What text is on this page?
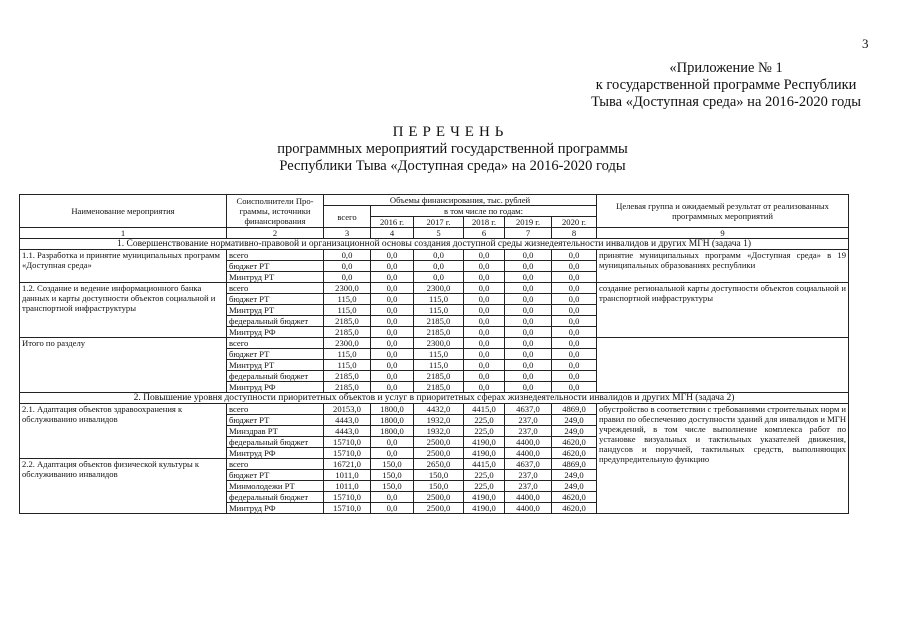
3
«Приложение № 1
к государственной программе Республики
Тыва «Доступная среда» на 2016-2020 годы
ПЕРЕЧЕНЬ
программных мероприятий государственной программы
Республики Тыва «Доступная среда» на 2016-2020 годы
Наименование мероприятия	Соисполнители Про-граммы, источники финансирования	Объемы финансирования, тыс. рублей						Целевая группа и ожидаемый результат от реализованных программных мероприятий
		всего	в том числе по годам:					
			2016 г.	2017 г.	2018 г.	2019 г.	2020 г.	
1	2	3	4	5	6	7	8	9
1. Совершенствование нормативно-правовой и организационной основы создания доступной среды жизнедеятельности инвалидов и других МГН (задача 1)								
1.1. Разработка и принятие муниципальных программ «Доступная среда»	всего	0,0	0,0	0,0	0,0	0,0	0,0	принятие муниципальных программ «Доступная среда» в 19 муниципальных образованиях республики
	бюджет РТ	0,0	0,0	0,0	0,0	0,0	0,0	
	Минтруд РТ	0,0	0,0	0,0	0,0	0,0	0,0	
1.2. Создание и ведение информационного банка данных и карты доступности объектов социальной и транспортной инфраструктуры	всего	2300,0	0,0	2300,0	0,0	0,0	0,0	создание региональной карты доступности объектов социальной и транспортной инфраструктуры
	бюджет РТ	115,0	0,0	115,0	0,0	0,0	0,0	
	Минтруд РТ	115,0	0,0	115,0	0,0	0,0	0,0	
	федеральный бюджет	2185,0	0,0	2185,0	0,0	0,0	0,0	
	Минтруд РФ	2185,0	0,0	2185,0	0,0	0,0	0,0	
Итого по разделу	всего	2300,0	0,0	2300,0	0,0	0,0	0,0	
	бюджет РТ	115,0	0,0	115,0	0,0	0,0	0,0	
	Минтруд РТ	115,0	0,0	115,0	0,0	0,0	0,0	
	федеральный бюджет	2185,0	0,0	2185,0	0,0	0,0	0,0	
	Минтруд РФ	2185,0	0,0	2185,0	0,0	0,0	0,0	
2. Повышение уровня доступности приоритетных объектов и услуг в приоритетных сферах жизнедеятельности инвалидов и других МГН (задача 2)								
2.1. Адаптация объектов здравоохранения к обслуживанию инвалидов	всего	20153,0	1800,0	4432,0	4415,0	4637,0	4869,0	обустройство в соответствии с требованиями строительных норм и правил по обеспечению доступности зданий для инвалидов и МГН учреждений, в том числе выполнение комплекса работ по установке визуальных и тактильных указателей движения, пандусов и поручней, тактильных средств, выполняющих предупредительную функцию
	бюджет РТ	4443,0	1800,0	1932,0	225,0	237,0	249,0	
	Минздрав РТ	4443,0	1800,0	1932,0	225,0	237,0	249,0	
	федеральный бюджет	15710,0	0,0	2500,0	4190,0	4400,0	4620,0	
	Минтруд РФ	15710,0	0,0	2500,0	4190,0	4400,0	4620,0	
2.2. Адаптация объектов физической культуры к обслуживанию инвалидов	всего	16721,0	150,0	2650,0	4415,0	4637,0	4869,0	
	бюджет РТ	1011,0	150,0	150,0	225,0	237,0	249,0	
	Минмолодежи РТ	1011,0	150,0	150,0	225,0	237,0	249,0	
	федеральный бюджет	15710,0	0,0	2500,0	4190,0	4400,0	4620,0	
	Минтруд РФ	15710,0	0,0	2500,0	4190,0	4400,0	4620,0	
